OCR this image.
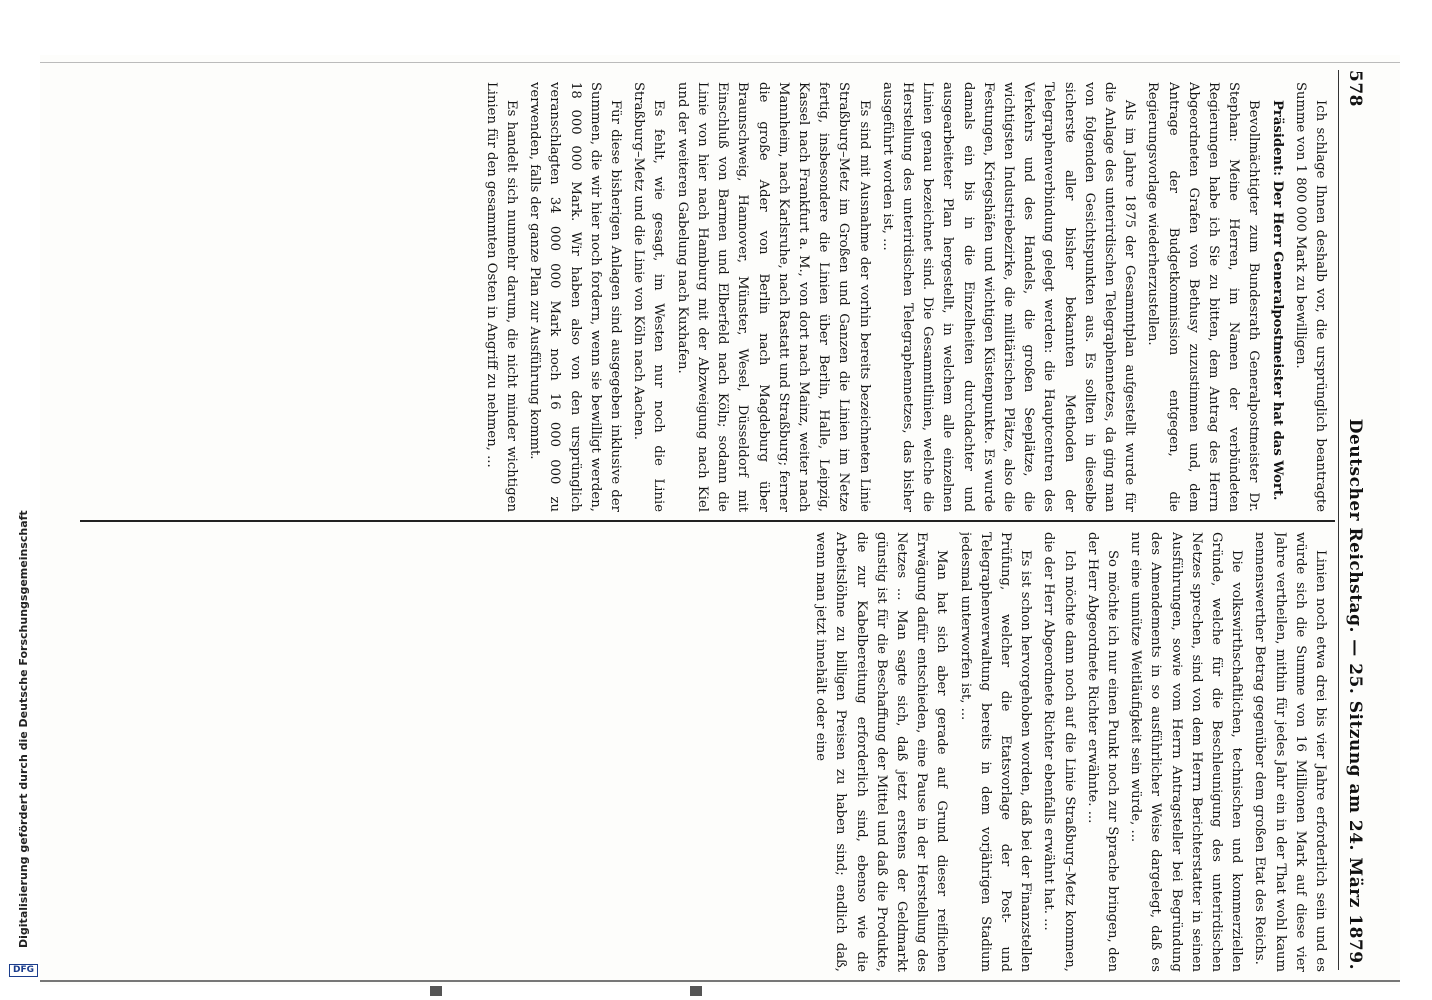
578
Deutscher Reichstag. — 25. Sitzung am 24. März 1879.

Ich schlage Ihnen deshalb vor, die ursprünglich beantragte Summe von 1 800 000 Mark zu bewilligen.

Präsident: Der Herr Generalpostmeister hat das Wort.

Bevollmächtigter zum Bundesrath Generalpostmeister Dr. Stephan: Meine Herren, im Namen der verbündeten Regierungen habe ich Sie zu bitten, dem Antrag des Herrn Abgeordneten Grafen von Bethusy zuzustimmen und, dem Antrage der Budgetkommission entgegen, die Regierungsvorlage wiederherzustellen.

Als im Jahre 1875 der Gesammtplan aufgestellt wurde für die Anlage des unterirdischen Telegraphennetzes, da ging man von folgenden Gesichtspunkten aus. Es sollten in dieselbe sicherste aller bisher bekannten Methoden der Telegraphenverbindung gelegt werden: die Hauptcentren des Verkehrs und des Handels, die großen Seeplätze, die wichtigsten Industriebezirke, die militärischen Plätze, also die Festungen, Kriegshäfen und wichtigen Küstenpunkte. Es wurde damals ein bis in die Einzelheiten durchdachter und ausgearbeiteter Plan hergestellt, in welchem alle einzelnen Linien genau bezeichnet sind. Die Gesammtlinien, welche die Herstellung des unterirdischen Telegraphennetzes, das bisher ausgeführt worden ist, ...

Es sind mit Ausnahme der vorhin bereits bezeichneten Linie Straßburg–Metz im Großen und Ganzen die Linien im Netze fertig, insbesondere die Linien über Berlin, Halle, Leipzig, Kassel nach Frankfurt a. M., von dort nach Mainz, weiter nach Mannheim, nach Karlsruhe, nach Rastatt und Straßburg; ferner die große Ader von Berlin nach Magdeburg über Braunschweig, Hannover, Münster, Wesel, Düsseldorf mit Einschluß von Barmen und Elberfeld nach Köln; sodann die Linie von hier nach Hamburg mit der Abzweigung nach Kiel und der weiteren Gabelung nach Kuxhafen.

Es fehlt, wie gesagt, im Westen nur noch die Linie Straßburg–Metz und die Linie von Köln nach Aachen.

Für diese bisherigen Anlagen sind ausgegeben inklusive der Summen, die wir hier noch fordern, wenn sie bewilligt werden, 18 000 000 Mark. Wir haben also von den ursprünglich veranschlagten 34 000 000 Mark noch 16 000 000 zu verwenden, falls der ganze Plan zur Ausführung kommt.

Es handelt sich nunmehr darum, die nicht minder wichtigen Linien für den gesammten Osten in Angriff zu nehmen, ...

Linien noch etwa drei bis vier Jahre erforderlich sein und es würde sich die Summe von 16 Millionen Mark auf diese vier Jahre vertheilen, mithin für jedes Jahr ein in der That wohl kaum nennenswerther Betrag gegenüber dem großen Etat des Reichs.

Die volkswirthschaftlichen, technischen und kommerziellen Gründe, welche für die Beschleunigung des unterirdischen Netzes sprechen, sind von dem Herrn Berichterstatter in seinen Ausführungen, sowie vom Herrn Antragsteller bei Begründung des Amendements in so ausführlicher Weise dargelegt, daß es nur eine unnütze Weitläufigkeit sein würde, ...

So möchte ich nur einen Punkt noch zur Sprache bringen, den der Herr Abgeordnete Richter erwähnte. ...

Ich möchte dann noch auf die Linie Straßburg–Metz kommen, die der Herr Abgeordnete Richter ebenfalls erwähnt hat. ...

Es ist schon hervorgehoben worden, daß bei der Finanzstellen Prüfung, welcher die Etatsvorlage der Post- und Telegraphenverwaltung bereits in dem vorjährigen Stadium jedesmal unterworfen ist, ...

Man hat sich aber gerade auf Grund dieser reiflichen Erwägung dafür entschieden, eine Pause in der Herstellung des Netzes ... Man sagte sich, daß jetzt erstens der Geldmarkt günstig ist für die Beschaffung der Mittel und daß die Produkte, die zur Kabelbereitung erforderlich sind, ebenso wie die Arbeitslöhne zu billigen Preisen zu haben sind; endlich daß, wenn man jetzt innehält oder eine

DFG
Digitalisierung gefördert durch die Deutsche Forschungsgemeinschaft
